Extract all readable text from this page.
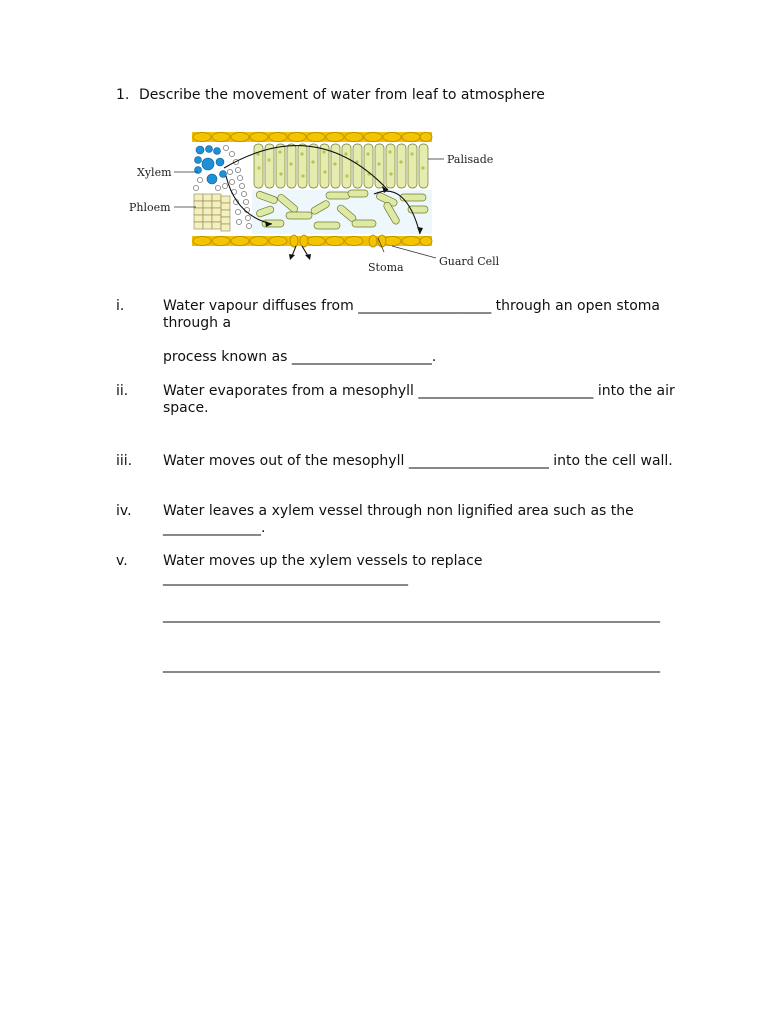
1. Describe the movement of water from leaf to atmosphere
Xylem
Phloem
Palisade
Stoma	Guard Cell
i.	Water vapour diffuses from ___________________ through an open stoma through a
process known as ____________________.
ii. Water evaporates from a mesophyll _________________________ into the air space.
iii. Water moves out of the mesophyll ____________________ into the cell wall.
iv. Water leaves a xylem vessel through non lignified area such as the ______________.
v.	Water moves up the xylem vessels to replace ___________________________________
_______________________________________________________________________
_______________________________________________________________________
